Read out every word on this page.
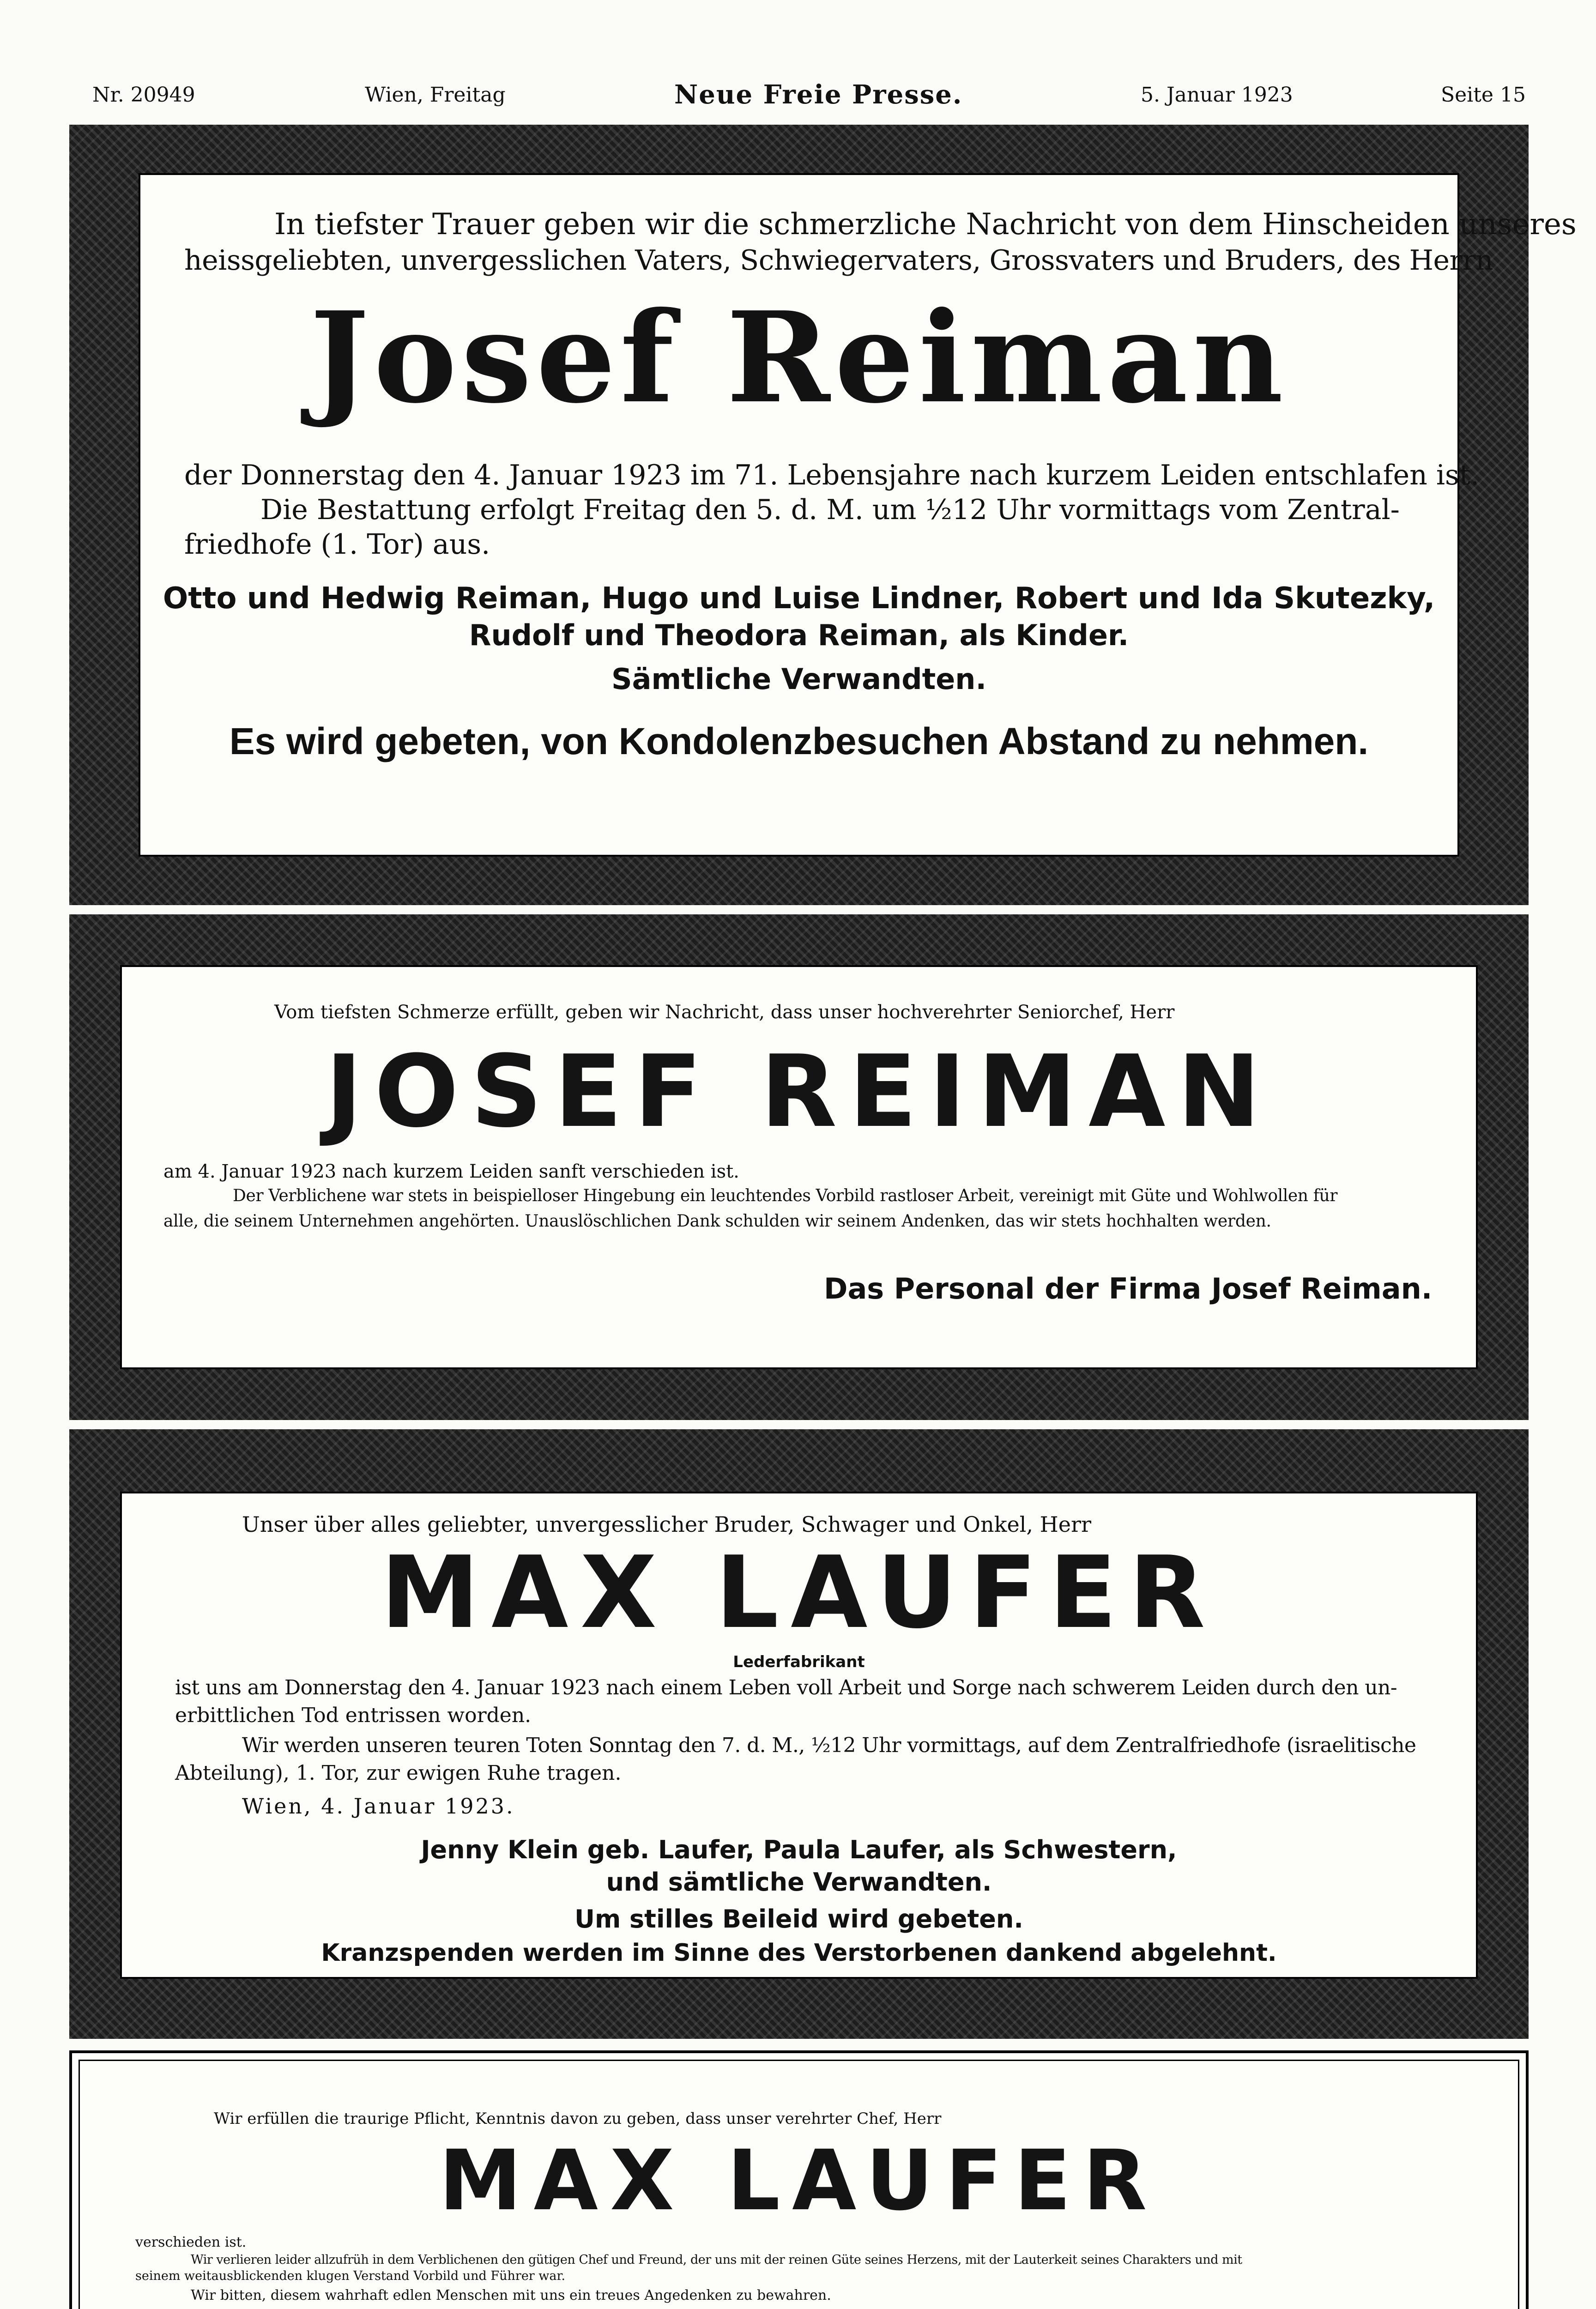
Nr. 20949	Wien, Freitag	Neue Freie Presse.	5. Januar 1923	Seite 15
In tiefster Trauer geben wir die schmerzliche Nachricht von dem Hinscheiden unseres
heissgeliebten, unvergesslichen Vaters, Schwiegervaters, Grossvaters und Bruders, des Herrn
Josef Reiman
der Donnerstag den 4. Januar 1923 im 71. Lebensjahre nach kurzem Leiden entschlafen ist.
Die Bestattung erfolgt Freitag den 5. d. M. um ½12 Uhr vormittags vom Zentral-
friedhofe (1. Tor) aus.
Otto und Hedwig Reiman, Hugo und Luise Lindner, Robert und Ida Skutezky,
Rudolf und Theodora Reiman, als Kinder.
Sämtliche Verwandten.
Es wird gebeten, von Kondolenzbesuchen Abstand zu nehmen.
Vom tiefsten Schmerze erfüllt, geben wir Nachricht, dass unser hochverehrter Seniorchef, Herr
JOSEF REIMAN
am 4. Januar 1923 nach kurzem Leiden sanft verschieden ist.
Der Verblichene war stets in beispielloser Hingebung ein leuchtendes Vorbild rastloser Arbeit, vereinigt mit Güte und Wohlwollen für
alle, die seinem Unternehmen angehörten. Unauslöschlichen Dank schulden wir seinem Andenken, das wir stets hochhalten werden.
Das Personal der Firma Josef Reiman.
Unser über alles geliebter, unvergesslicher Bruder, Schwager und Onkel, Herr
MAX LAUFER
Lederfabrikant
ist uns am Donnerstag den 4. Januar 1923 nach einem Leben voll Arbeit und Sorge nach schwerem Leiden durch den un-
erbittlichen Tod entrissen worden.
Wir werden unseren teuren Toten Sonntag den 7. d. M., ½12 Uhr vormittags, auf dem Zentralfriedhofe (israelitische
Abteilung), 1. Tor, zur ewigen Ruhe tragen.
Wien, 4. Januar 1923.
Jenny Klein geb. Laufer, Paula Laufer, als Schwestern,
und sämtliche Verwandten.
Um stilles Beileid wird gebeten.
Kranzspenden werden im Sinne des Verstorbenen dankend abgelehnt.
Wir erfüllen die traurige Pflicht, Kenntnis davon zu geben, dass unser verehrter Chef, Herr
MAX LAUFER
verschieden ist.
Wir verlieren leider allzufrüh in dem Verblichenen den gütigen Chef und Freund, der uns mit der reinen Güte seines Herzens, mit der Lauterkeit seines Charakters und mit
seinem weitausblickenden klugen Verstand Vorbild und Führer war.
Wir bitten, diesem wahrhaft edlen Menschen mit uns ein treues Angedenken zu bewahren.
